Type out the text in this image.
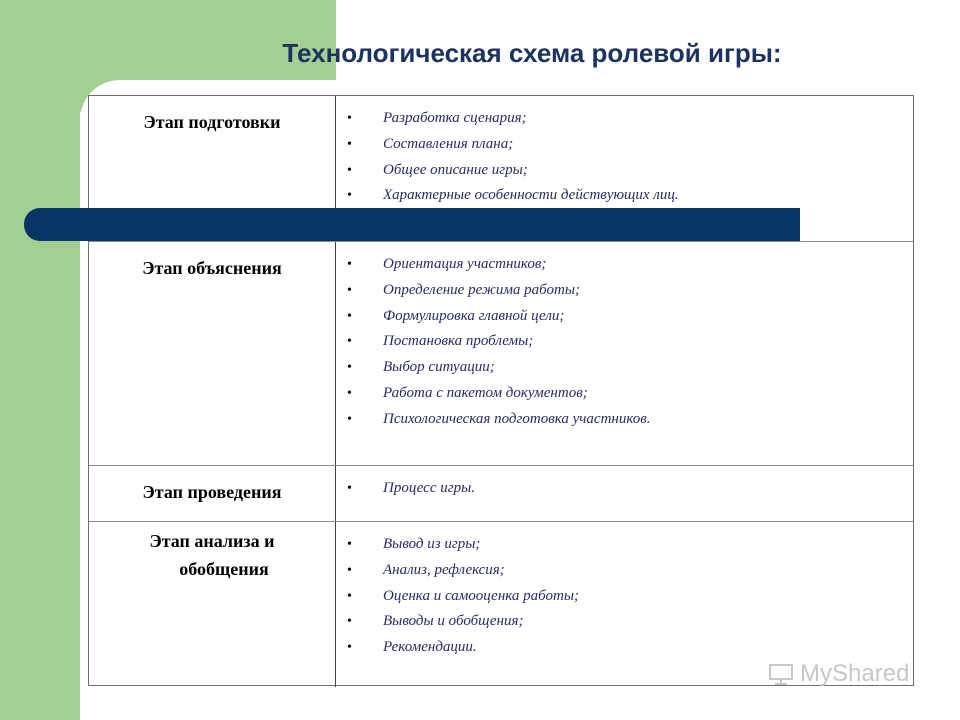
Технологическая схема ролевой игры:
Этап подготовки	• Разработка сценария;
• Составления плана;
• Общее описание игры;
• Характерные особенности действующих лиц.
Этап объяснения	• Ориентация участников;
• Определение режима работы;
• Формулировка главной цели;
• Постановка проблемы;
• Выбор ситуации;
• Работа с пакетом документов;
• Психологическая подготовка участников.
Этап проведения	• Процесс игры.
Этап анализа и
обобщения
• Вывод из игры;
• Анализ, рефлексия;
• Оценка и самооценка работы;
• Выводы и обобщения;
• Рекомендации.
MyShared
